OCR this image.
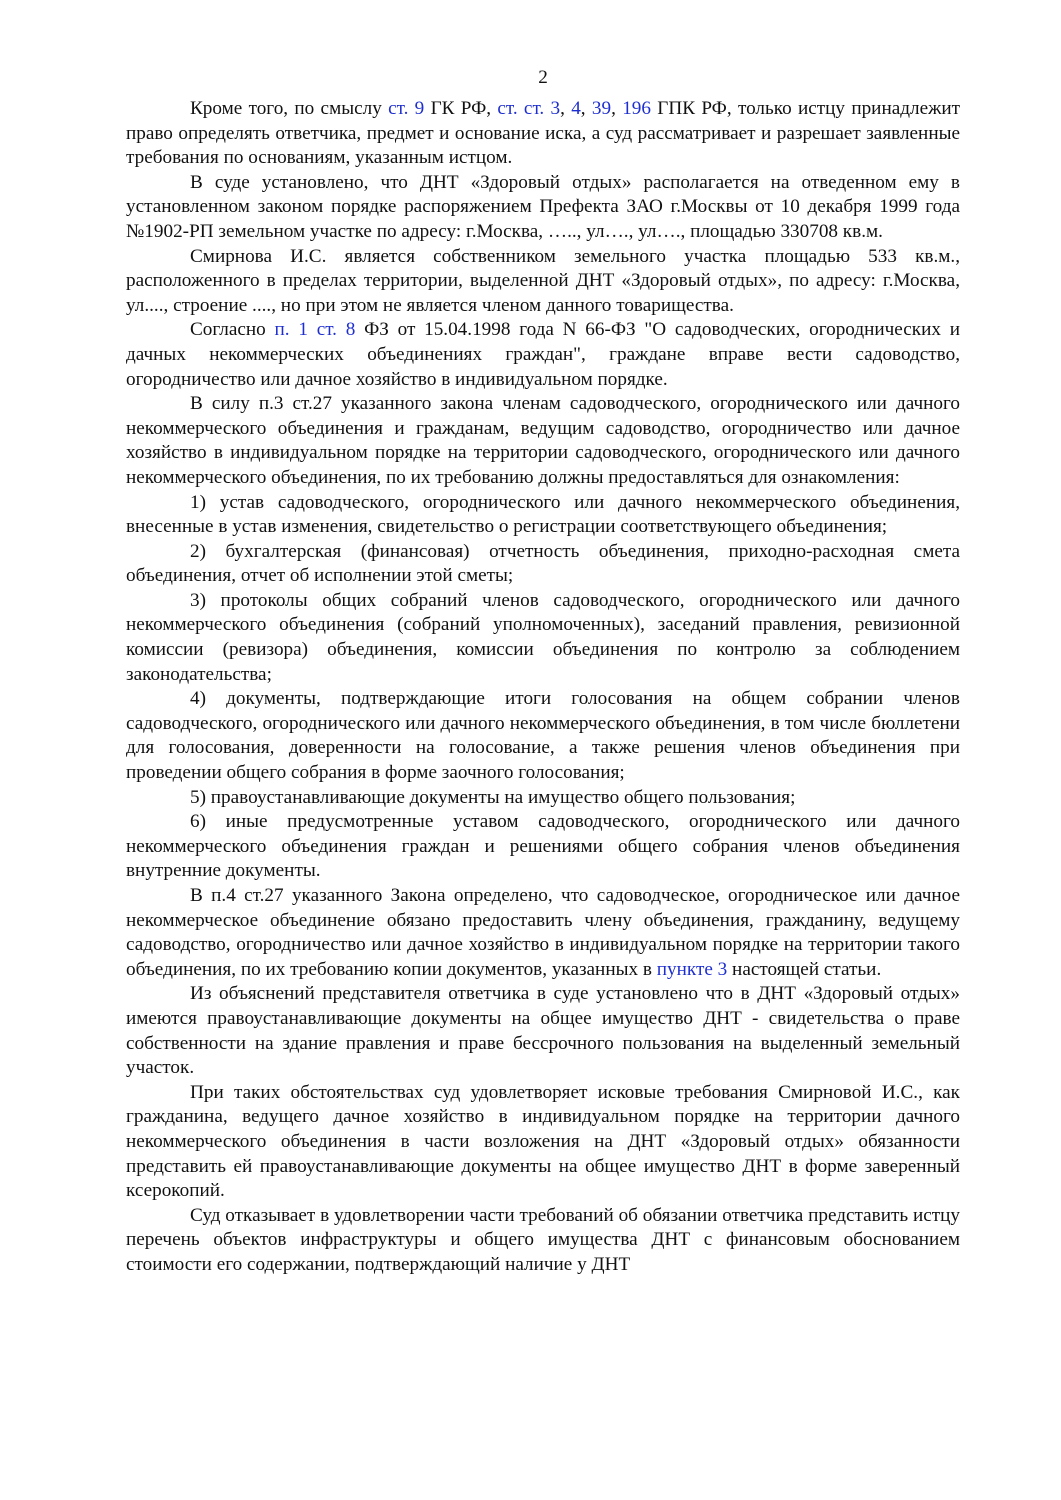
2

Кроме того, по смыслу ст. 9 ГК РФ, ст. ст. 3, 4, 39, 196 ГПК РФ, только истцу принадлежит право определять ответчика, предмет и основание иска, а суд рассматривает и разрешает заявленные требования по основаниям, указанным истцом.

В суде установлено, что ДНТ «Здоровый отдых» располагается на отведенном ему в установленном законом порядке распоряжением Префекта ЗАО г.Москвы от 10 декабря 1999 года №1902-РП земельном участке по адресу: г.Москва, ….., ул…., ул…., площадью 330708 кв.м.

Смирнова И.С. является собственником земельного участка площадью 533 кв.м., расположенного в пределах территории, выделенной ДНТ «Здоровый отдых», по адресу: г.Москва, ул...., строение ...., но при этом не является членом данного товарищества.

Согласно п. 1 ст. 8 ФЗ от 15.04.1998 года N 66-ФЗ "О садоводческих, огороднических и дачных некоммерческих объединениях граждан", граждане вправе вести садоводство, огородничество или дачное хозяйство в индивидуальном порядке.

В силу п.3 ст.27 указанного закона членам садоводческого, огороднического или дачного некоммерческого объединения и гражданам, ведущим садоводство, огородничество или дачное хозяйство в индивидуальном порядке на территории садоводческого, огороднического или дачного некоммерческого объединения, по их требованию должны предоставляться для ознакомления:

1) устав садоводческого, огороднического или дачного некоммерческого объединения, внесенные в устав изменения, свидетельство о регистрации соответствующего объединения;

2) бухгалтерская (финансовая) отчетность объединения, приходно-расходная смета объединения, отчет об исполнении этой сметы;

3) протоколы общих собраний членов садоводческого, огороднического или дачного некоммерческого объединения (собраний уполномоченных), заседаний правления, ревизионной комиссии (ревизора) объединения, комиссии объединения по контролю за соблюдением законодательства;

4) документы, подтверждающие итоги голосования на общем собрании членов садоводческого, огороднического или дачного некоммерческого объединения, в том числе бюллетени для голосования, доверенности на голосование, а также решения членов объединения при проведении общего собрания в форме заочного голосования;

5) правоустанавливающие документы на имущество общего пользования;

6) иные предусмотренные уставом садоводческого, огороднического или дачного некоммерческого объединения граждан и решениями общего собрания членов объединения внутренние документы.

В п.4 ст.27 указанного Закона определено, что садоводческое, огородническое или дачное некоммерческое объединение обязано предоставить члену объединения, гражданину, ведущему садоводство, огородничество или дачное хозяйство в индивидуальном порядке на территории такого объединения, по их требованию копии документов, указанных в пункте 3 настоящей статьи.

Из объяснений представителя ответчика в суде установлено что в ДНТ «Здоровый отдых» имеются правоустанавливающие документы на общее имущество ДНТ - свидетельства о праве собственности на здание правления и праве бессрочного пользования на выделенный земельный участок.

При таких обстоятельствах суд удовлетворяет исковые требования Смирновой И.С., как гражданина, ведущего дачное хозяйство в индивидуальном порядке на территории дачного некоммерческого объединения в части возложения на ДНТ «Здоровый отдых» обязанности представить ей правоустанавливающие документы на общее имущество ДНТ в форме заверенный ксерокопий.

Суд отказывает в удовлетворении части требований об обязании ответчика представить истцу перечень объектов инфраструктуры и общего имущества ДНТ с финансовым обоснованием стоимости его содержании, подтверждающий наличие у ДНТ
